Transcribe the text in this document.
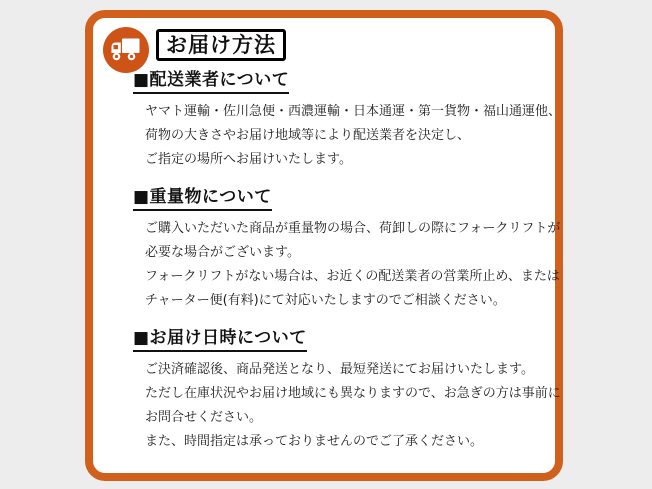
お届け方法
■配送業者について
ヤマト運輸・佐川急便・西濃運輸・日本通運・第一貨物・福山通運他、
荷物の大きさやお届け地域等により配送業者を決定し、
ご指定の場所へお届けいたします。
■重量物について
ご購入いただいた商品が重量物の場合、荷卸しの際にフォークリフトが
必要な場合がございます。
フォークリフトがない場合は、お近くの配送業者の営業所止め、または
チャーター便(有料)にて対応いたしますのでご相談ください。
■お届け日時について
ご決済確認後、商品発送となり、最短発送にてお届けいたします。
ただし在庫状況やお届け地域にも異なりますので、お急ぎの方は事前に
お問合せください。
また、時間指定は承っておりませんのでご了承ください。
